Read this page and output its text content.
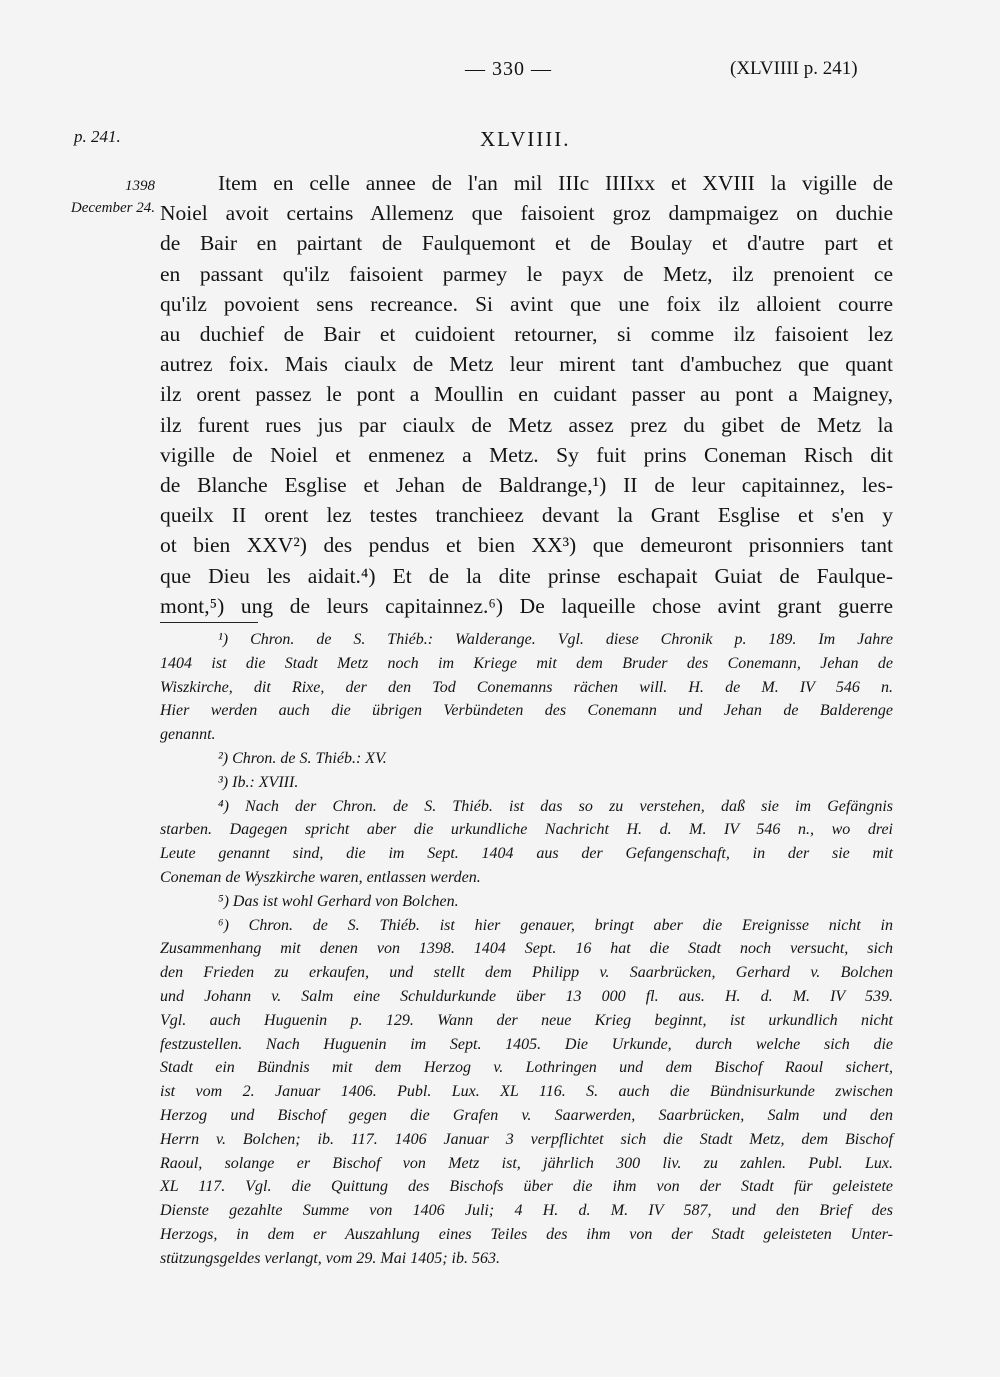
— 330 —	(XLVIIII p. 241)
p. 241.
1398
December 24.
XLVIIII.
Item en celle annee de l'an mil IIIc IIIIxx et XVIII la vigille de
Noiel avoit certains Allemenz que faisoient groz dampmaigez on duchie
de Bair en pairtant de Faulquemont et de Boulay et d'autre part et
en passant qu'ilz faisoient parmey le payx de Metz, ilz prenoient ce
qu'ilz povoient sens recreance. Si avint que une foix ilz alloient courre
au duchief de Bair et cuidoient retourner, si comme ilz faisoient lez
autrez foix. Mais ciaulx de Metz leur mirent tant d'ambuchez que quant
ilz orent passez le pont a Moullin en cuidant passer au pont a Maigney,
ilz furent rues jus par ciaulx de Metz assez prez du gibet de Metz la
vigille de Noiel et enmenez a Metz. Sy fuit prins Coneman Risch dit
de Blanche Esglise et Jehan de Baldrange,¹) II de leur capitainnez, les-
queilx II orent lez testes tranchieez devant la Grant Esglise et s'en y
ot bien XXV²) des pendus et bien XX³) que demeuront prisonniers tant
que Dieu les aidait.⁴) Et de la dite prinse eschapait Guiat de Faulque-
mont,⁵) ung de leurs capitainnez.⁶) De laqueille chose avint grant guerre
¹) Chron. de S. Thiéb.: Walderange. Vgl. diese Chronik p. 189. Im Jahre
1404 ist die Stadt Metz noch im Kriege mit dem Bruder des Conemann, Jehan de
Wiszkirche, dit Rixe, der den Tod Conemanns rächen will. H. de M. IV 546 n.
Hier werden auch die übrigen Verbündeten des Conemann und Jehan de Balderenge
genannt.
²) Chron. de S. Thiéb.: XV.
³) Ib.: XVIII.
⁴) Nach der Chron. de S. Thiéb. ist das so zu verstehen, daß sie im Gefängnis
starben. Dagegen spricht aber die urkundliche Nachricht H. d. M. IV 546 n., wo drei
Leute genannt sind, die im Sept. 1404 aus der Gefangenschaft, in der sie mit
Coneman de Wyszkirche waren, entlassen werden.
⁵) Das ist wohl Gerhard von Bolchen.
⁶) Chron. de S. Thiéb. ist hier genauer, bringt aber die Ereignisse nicht in
Zusammenhang mit denen von 1398. 1404 Sept. 16 hat die Stadt noch versucht, sich
den Frieden zu erkaufen, und stellt dem Philipp v. Saarbrücken, Gerhard v. Bolchen
und Johann v. Salm eine Schuldurkunde über 13 000 fl. aus. H. d. M. IV 539.
Vgl. auch Huguenin p. 129. Wann der neue Krieg beginnt, ist urkundlich nicht
festzustellen. Nach Huguenin im Sept. 1405. Die Urkunde, durch welche sich die
Stadt ein Bündnis mit dem Herzog v. Lothringen und dem Bischof Raoul sichert,
ist vom 2. Januar 1406. Publ. Lux. XL 116. S. auch die Bündnisurkunde zwischen
Herzog und Bischof gegen die Grafen v. Saarwerden, Saarbrücken, Salm und den
Herrn v. Bolchen; ib. 117. 1406 Januar 3 verpflichtet sich die Stadt Metz, dem Bischof
Raoul, solange er Bischof von Metz ist, jährlich 300 liv. zu zahlen. Publ. Lux.
XL 117. Vgl. die Quittung des Bischofs über die ihm von der Stadt für geleistete
Dienste gezahlte Summe von 1406 Juli; 4 H. d. M. IV 587, und den Brief des
Herzogs, in dem er Auszahlung eines Teiles des ihm von der Stadt geleisteten Unter-
stützungsgeldes verlangt, vom 29. Mai 1405; ib. 563.
